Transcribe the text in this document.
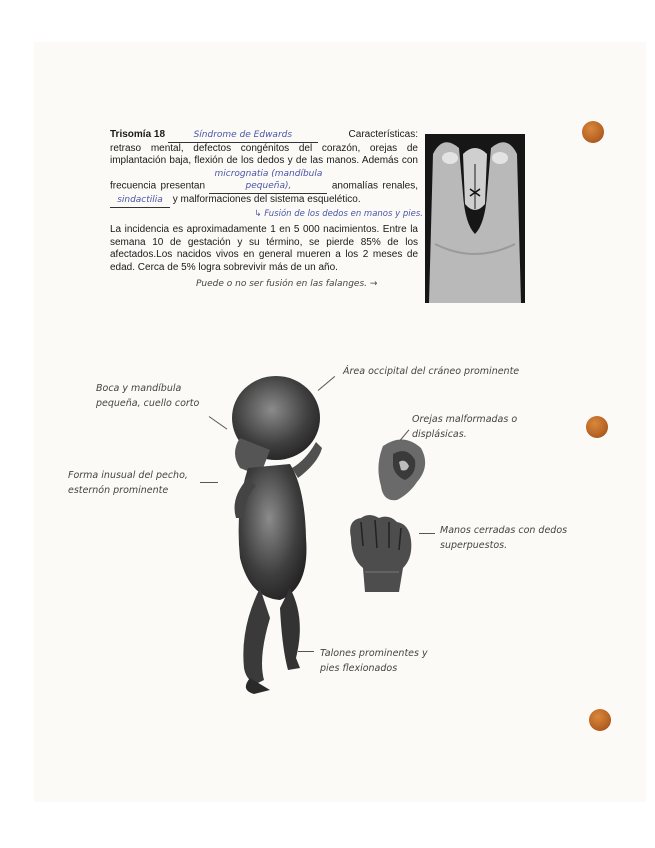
Trisomía 18	Síndrome de Edwards	Características:

retraso mental, defectos congénitos del corazón, orejas de implantación baja, flexión de los dedos y de las manos. Además con frecuencia presentan micrognatia (mandíbula pequeña),	anomalías renales, sindactilia y malformaciones del sistema esquelético.

↳ Fusión de los dedos en manos y pies.

La incidencia es aproximadamente 1 en 5 000 nacimientos. Entre la semana 10 de gestación y su término, se pierde 85% de los afectados.Los nacidos vivos en general mueren a los 2 meses de edad. Cerca de 5% logra sobrevivir más de un año.

Puede o no ser fusión en las falanges. →
Boca y mandíbula pequeña, cuello corto
Área occipital del cráneo prominente
Orejas malformadas o displásicas.
Forma inusual del pecho, esternón prominente
Manos cerradas con dedos superpuestos.
Talones prominentes y pies flexionados
